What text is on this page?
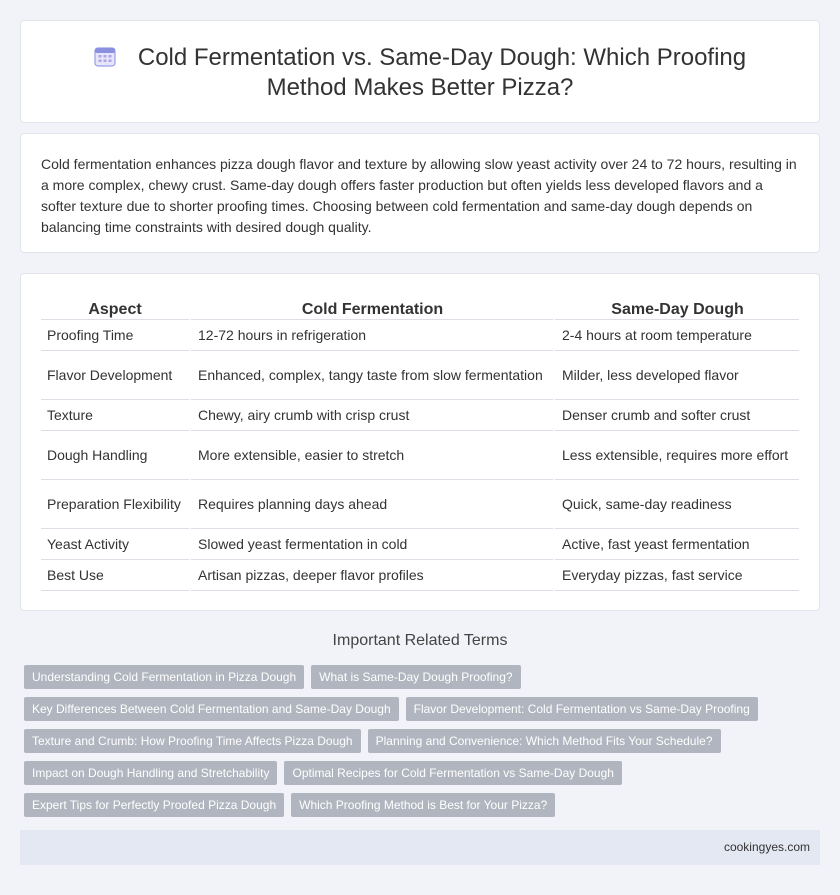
Cold Fermentation vs. Same-Day Dough: Which Proofing Method Makes Better Pizza?

Cold fermentation enhances pizza dough flavor and texture by allowing slow yeast activity over 24 to 72 hours, resulting in a more complex, chewy crust. Same-day dough offers faster production but often yields less developed flavors and a softer texture due to shorter proofing times. Choosing between cold fermentation and same-day dough depends on balancing time constraints with desired dough quality.

Aspect	Cold Fermentation	Same-Day Dough
Proofing Time	12-72 hours in refrigeration	2-4 hours at room temperature
Flavor Development	Enhanced, complex, tangy taste from slow fermentation	Milder, less developed flavor
Texture	Chewy, airy crumb with crisp crust	Denser crumb and softer crust
Dough Handling	More extensible, easier to stretch	Less extensible, requires more effort
Preparation Flexibility	Requires planning days ahead	Quick, same-day readiness
Yeast Activity	Slowed yeast fermentation in cold	Active, fast yeast fermentation
Best Use	Artisan pizzas, deeper flavor profiles	Everyday pizzas, fast service
Important Related Terms
Understanding Cold Fermentation in Pizza Dough	What is Same-Day Dough Proofing?
Key Differences Between Cold Fermentation and Same-Day Dough	Flavor Development: Cold Fermentation vs Same-Day Proofing
Texture and Crumb: How Proofing Time Affects Pizza Dough	Planning and Convenience: Which Method Fits Your Schedule?
Impact on Dough Handling and Stretchability	Optimal Recipes for Cold Fermentation vs Same-Day Dough
Expert Tips for Perfectly Proofed Pizza Dough	Which Proofing Method is Best for Your Pizza?
cookingyes.com
